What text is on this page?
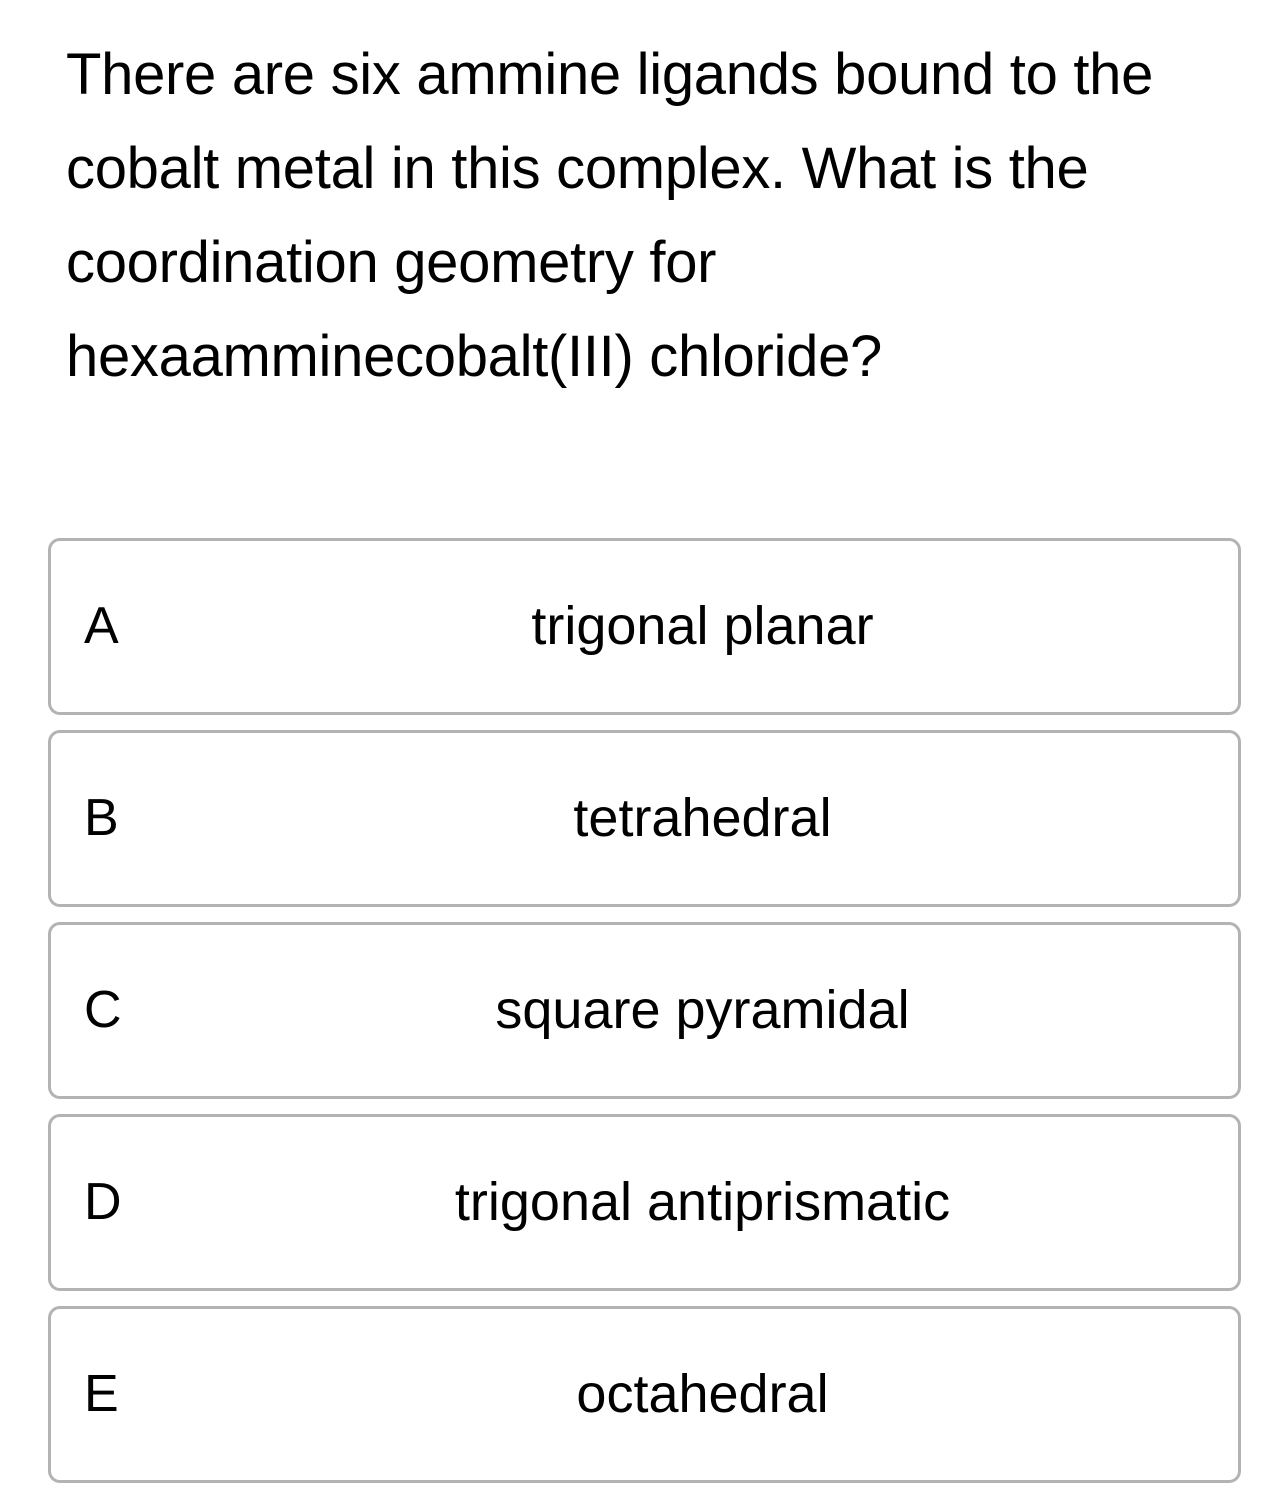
There are six ammine ligands bound to the cobalt metal in this complex. What is the coordination geometry for hexaamminecobalt(III) chloride?

A	trigonal planar
B	tetrahedral
C	square pyramidal
D	trigonal antiprismatic
E	octahedral
